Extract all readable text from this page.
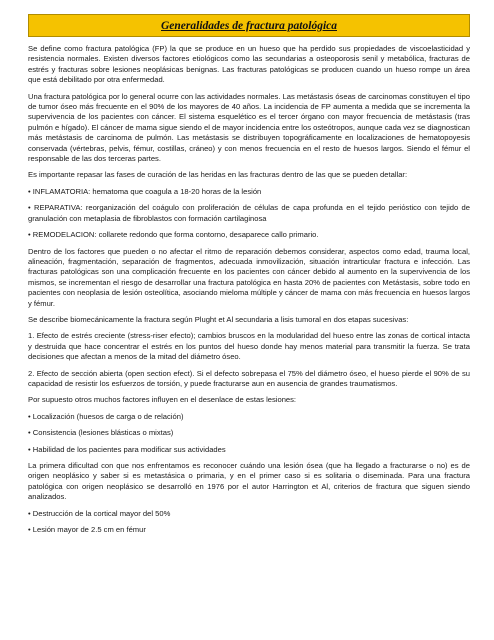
Generalidades de fractura patológica

Se define como fractura patológica (FP) la que se produce en un hueso que ha perdido sus propiedades de viscoelasticidad y resistencia normales. Existen diversos factores etiológicos como las secundarias a osteoporosis senil y metabólica, fracturas de estrés y fracturas sobre lesiones neoplásicas benignas. Las fracturas patológicas se producen cuando un hueso rompe un área que está debilitado por otra enfermedad.

Una fractura patológica por lo general ocurre con las actividades normales. Las metástasis óseas de carcinomas constituyen el tipo de tumor óseo más frecuente en el 90% de los mayores de 40 años. La incidencia de FP aumenta a medida que se incrementa la supervivencia de los pacientes con cáncer. El sistema esquelético es el tercer órgano con mayor frecuencia de metástasis (tras pulmón e hígado). El cáncer de mama sigue siendo el de mayor incidencia entre los osteótropos, aunque cada vez se diagnostican más metástasis de carcinoma de pulmón. Las metástasis se distribuyen topográficamente en localizaciones de hematopoyesis conservada (vértebras, pelvis, fémur, costillas, cráneo) y con menos frecuencia en el resto de huesos largos. Siendo el fémur el responsable de las dos terceras partes.

Es importante repasar las fases de curación de las heridas en las fracturas dentro de las que se pueden detallar:

• INFLAMATORIA: hematoma que coagula a 18-20 horas de la lesión

• REPARATIVA: reorganización del coágulo con proliferación de células de capa profunda en el tejido periόstico con tejido de granulación con metaplasia de fibroblastos con formación cartilaginosa

• REMODELACION: collarete redondo que forma contorno, desaparece callo primario.

Dentro de los factores que pueden o no afectar el ritmo de reparación debemos considerar, aspectos como edad, trauma local, alineación, fragmentación, separación de fragmentos, adecuada inmovilización, situación intrarticular fractura e infección. Las fracturas patológicas son una complicación frecuente en los pacientes con cáncer debido al aumento en la supervivencia de los mismos, se incrementan el riesgo de desarrollar una fractura patológica en hasta 20% de pacientes con Metástasis, sobre todo en pacientes con neoplasia de lesión osteolítica, asociando mieloma múltiple y cáncer de mama con más frecuencia en huesos largos y fémur.

Se describe biomecánicamente la fractura según Plught et Al secundaria a lisis tumoral en dos etapas sucesivas:

1. Efecto de estrés creciente (stress-riser efecto); cambios bruscos en la modularidad del hueso entre las zonas de cortical intacta y destruida que hace concentrar el estrés en los puntos del hueso donde hay menos material para transmitir la fuerza. Se trata decisiones que afectan a menos de la mitad del diámetro óseo.

2. Efecto de sección abierta (open section efect). Si el defecto sobrepasa el 75% del diámetro óseo, el hueso pierde el 90% de su capacidad de resistir los esfuerzos de torsión, y puede fracturarse aun en ausencia de grandes traumatismos.

Por supuesto otros muchos factores influyen en el desenlace de estas lesiones:

• Localización (huesos de carga o de relación)

• Consistencia (lesiones blásticas o mixtas)

• Habilidad de los pacientes para modificar sus actividades

La primera dificultad con que nos enfrentamos es reconocer cuándo una lesión ósea (que ha llegado a fracturarse o no) es de origen neoplásico y saber si es metastásica o primaria, y en el primer caso si es solitaria o diseminada. Para una fractura patológica con origen neoplásico se desarrolló en 1976 por el autor Harrington et Al, criterios de fractura que siguen siendo analizados.

• Destrucción de la cortical mayor del 50%

• Lesión mayor de 2.5 cm en fémur
